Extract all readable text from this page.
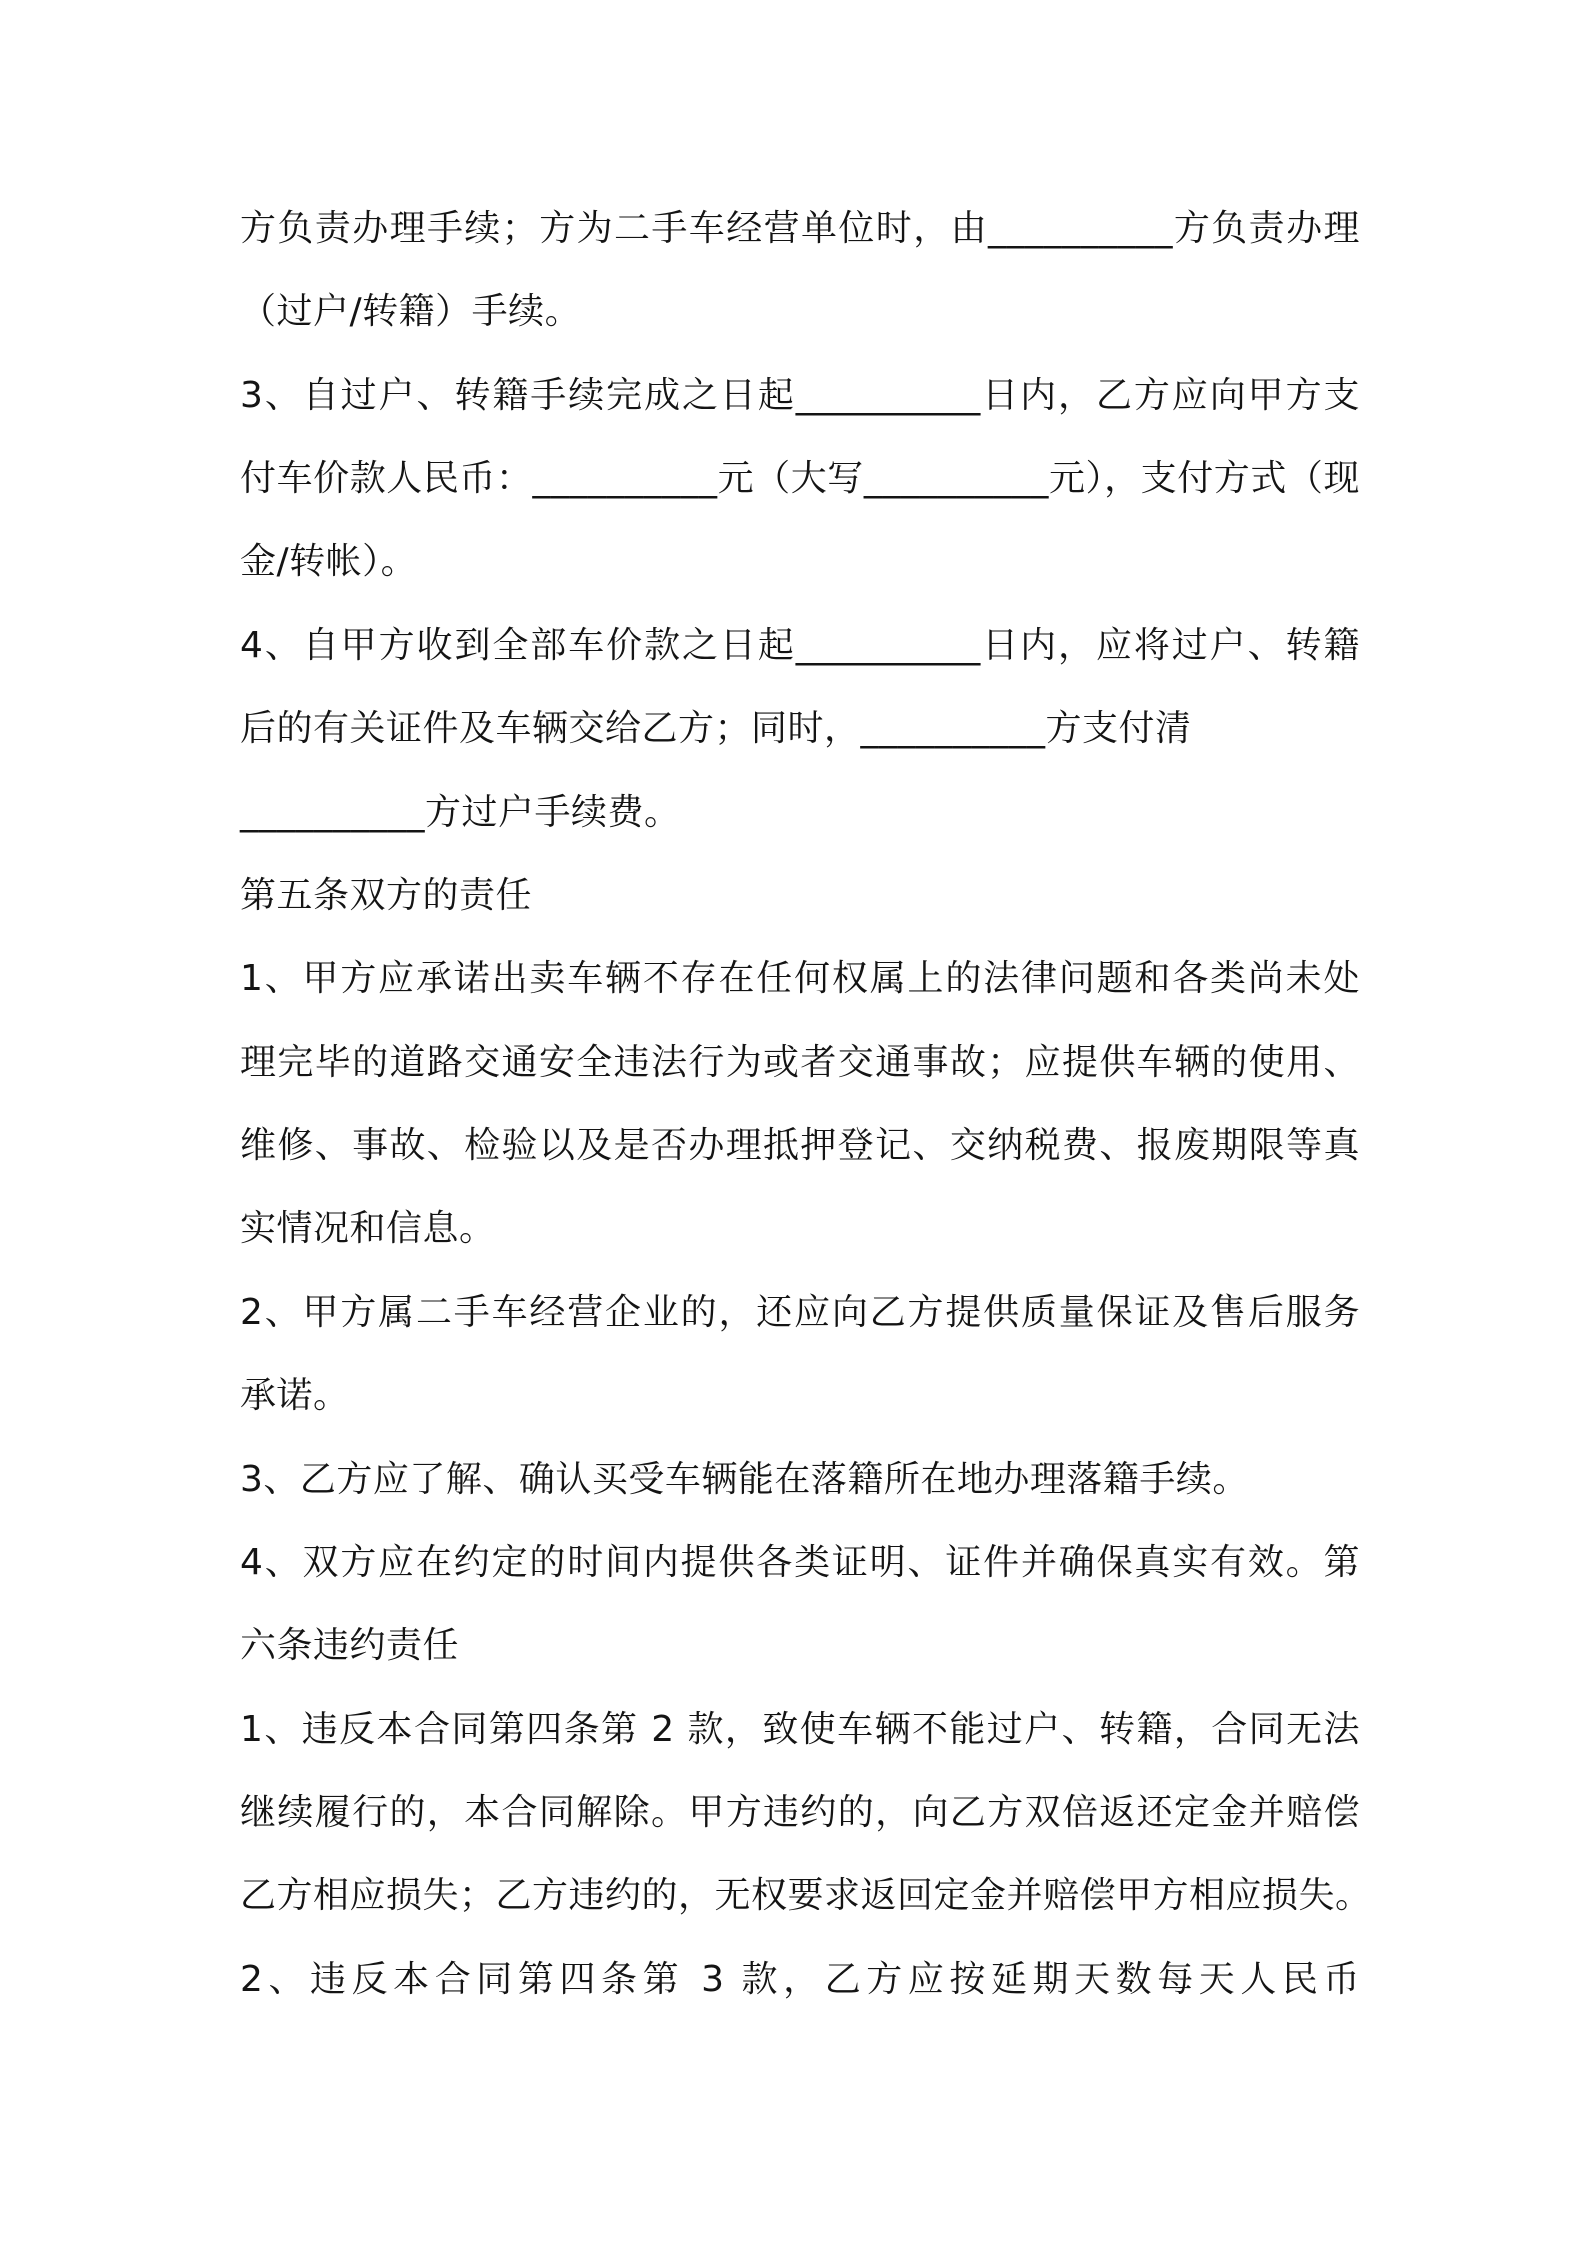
方负责办理手续；方为二手车经营单位时，由__________方负责办理
（过户/转籍）手续。
3、自过户、转籍手续完成之日起__________日内，乙方应向甲方支
付车价款人民币：__________元（大写__________元），支付方式（现
金/转帐）。
4、自甲方收到全部车价款之日起__________日内，应将过户、转籍
后的有关证件及车辆交给乙方；同时，__________方支付清
__________方过户手续费。
第五条双方的责任
1、甲方应承诺出卖车辆不存在任何权属上的法律问题和各类尚未处
理完毕的道路交通安全违法行为或者交通事故；应提供车辆的使用、
维修、事故、检验以及是否办理抵押登记、交纳税费、报废期限等真
实情况和信息。
2、甲方属二手车经营企业的，还应向乙方提供质量保证及售后服务
承诺。
3、乙方应了解、确认买受车辆能在落籍所在地办理落籍手续。
4、双方应在约定的时间内提供各类证明、证件并确保真实有效。第
六条违约责任
1、违反本合同第四条第 2 款，致使车辆不能过户、转籍，合同无法
继续履行的，本合同解除。甲方违约的，向乙方双倍返还定金并赔偿
乙方相应损失；乙方违约的，无权要求返回定金并赔偿甲方相应损失。
2、违反本合同第四条第 3 款，乙方应按延期天数每天人民币
